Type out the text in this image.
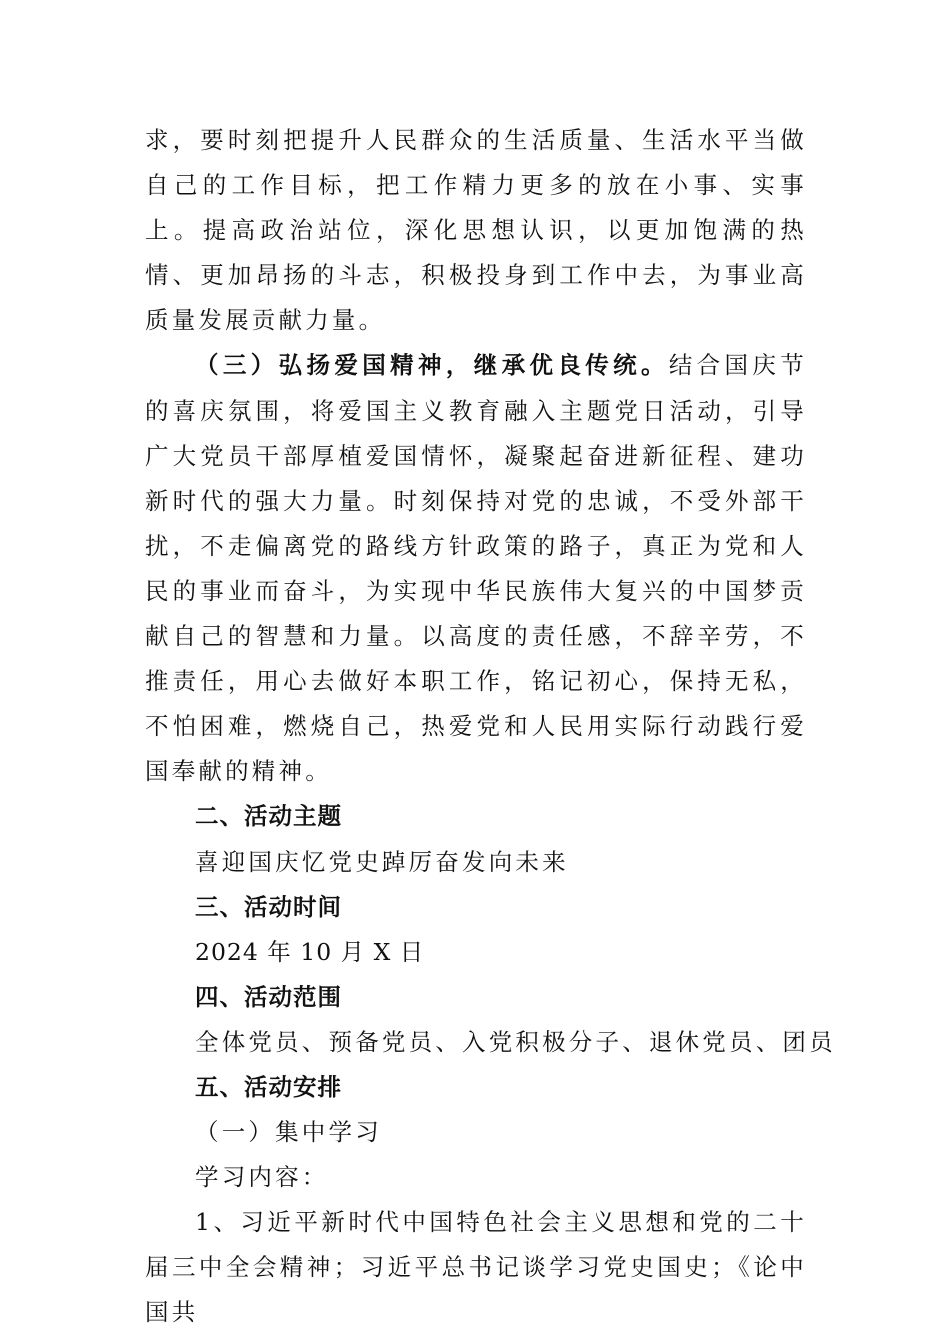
求，要时刻把提升人民群众的生活质量、生活水平当做自己的工作目标，把工作精力更多的放在小事、实事上。提高政治站位，深化思想认识，以更加饱满的热情、更加昂扬的斗志，积极投身到工作中去，为事业高质量发展贡献力量。

（三）弘扬爱国精神，继承优良传统。结合国庆节的喜庆氛围，将爱国主义教育融入主题党日活动，引导广大党员干部厚植爱国情怀，凝聚起奋进新征程、建功新时代的强大力量。时刻保持对党的忠诚，不受外部干扰，不走偏离党的路线方针政策的路子，真正为党和人民的事业而奋斗，为实现中华民族伟大复兴的中国梦贡献自己的智慧和力量。以高度的责任感，不辞辛劳，不推责任，用心去做好本职工作，铭记初心，保持无私，不怕困难，燃烧自己，热爱党和人民用实际行动践行爱国奉献的精神。

二、活动主题

喜迎国庆忆党史踔厉奋发向未来

三、活动时间

2024 年 10 月 X 日

四、活动范围

全体党员、预备党员、入党积极分子、退休党员、团员

五、活动安排

（一）集中学习

学习内容：

1、习近平新时代中国特色社会主义思想和党的二十届三中全会精神；习近平总书记谈学习党史国史；《论中国共
